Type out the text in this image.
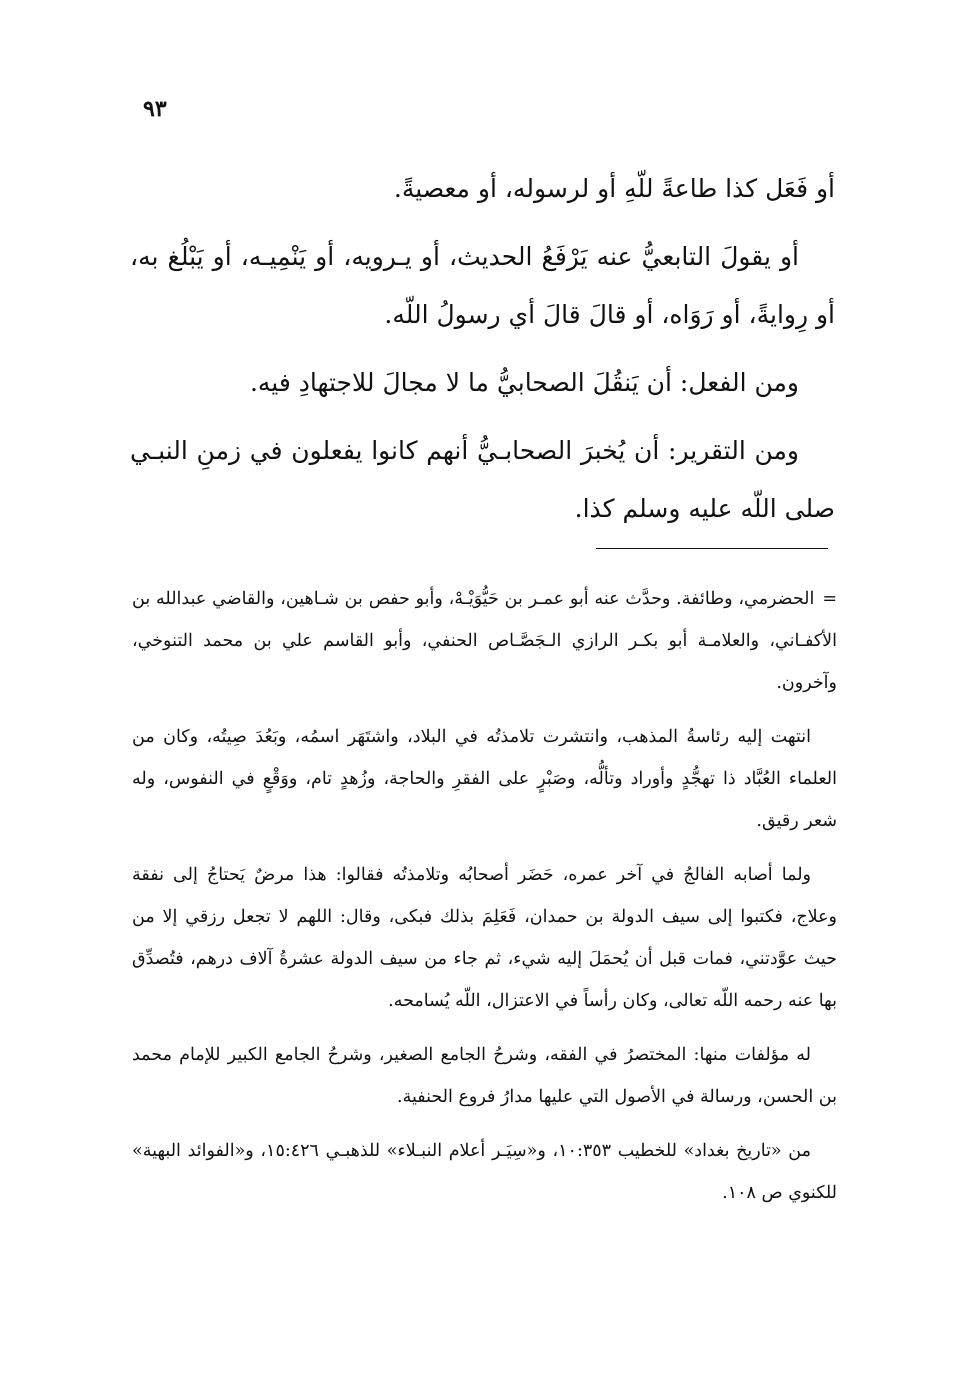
٩٣

أو فَعَل كذا طاعةً للّهِ أو لرسوله، أو معصيةً.

أو يقولَ التابعيُّ عنه يَرْفَعُ الحديث، أو يـرويه، أو يَنْمِيـه، أو يَبْلُغ به، أو رِوايةً، أو رَوَاه، أو قالَ قالَ أي رسولُ اللّه.

ومن الفعل: أن يَنقُلَ الصحابيُّ ما لا مجالَ للاجتهادِ فيه.

ومن التقرير: أن يُخبرَ الصحابـيُّ أنهم كانوا يفعلون في زمنِ النبـي صلى اللّه عليه وسلم كذا.

=الحضرمي، وطائفة. وحدَّث عنه أبو عمـر بن حَيُّوَيْـهْ، وأبو حفص بن شـاهين، والقاضي عبدالله بن الأكفـاني، والعلامـة أبو بكـر الرازي الـجَصَّـاص الحنفي، وأبو القاسم علي بن محمد التنوخي، وآخرون.

انتهت إليه رئاسةُ المذهب، وانتشرت تلامذتُه في البلاد، واشتَهَر اسمُه، وبَعُدَ صِيتُه، وكان من العلماء العُبَّاد ذا تهجُّدٍ وأوراد وتألُّه، وصَبْرٍ على الفقرِ والحاجة، وزُهدٍ تام، ووَقْعٍ في النفوس، وله شعر رقيق.

ولما أصابه الفالجُ في آخر عمره، حَضَر أصحابُه وتلامذتُه فقالوا: هذا مرضٌ يَحتاجُ إلى نفقة وعلاج، فكتبوا إلى سيف الدولة بن حمدان، فَعَلِمَ بذلك فبكى، وقال: اللهم لا تجعل رزقي إلا من حيث عوَّدتني، فمات قبل أن يُحمَلَ إليه شيء، ثم جاء من سيف الدولة عشرةُ آلاف درهم، فتُصدِّق بها عنه رحمه اللّه تعالى، وكان رأساً في الاعتزال، اللّه يُسامحه.

له مؤلفات منها: المختصرُ في الفقه، وشرحُ الجامع الصغير، وشرحُ الجامع الكبير للإمام محمد بن الحسن، ورسالة في الأصول التي عليها مدارُ فروع الحنفية.

من «تاريخ بغداد» للخطيب ١٠:٣٥٣، و«سِيَـر أعلام النبـلاء» للذهبـي ١٥:٤٢٦، و«الفوائد البهية» للكنوي ص ١٠٨.
